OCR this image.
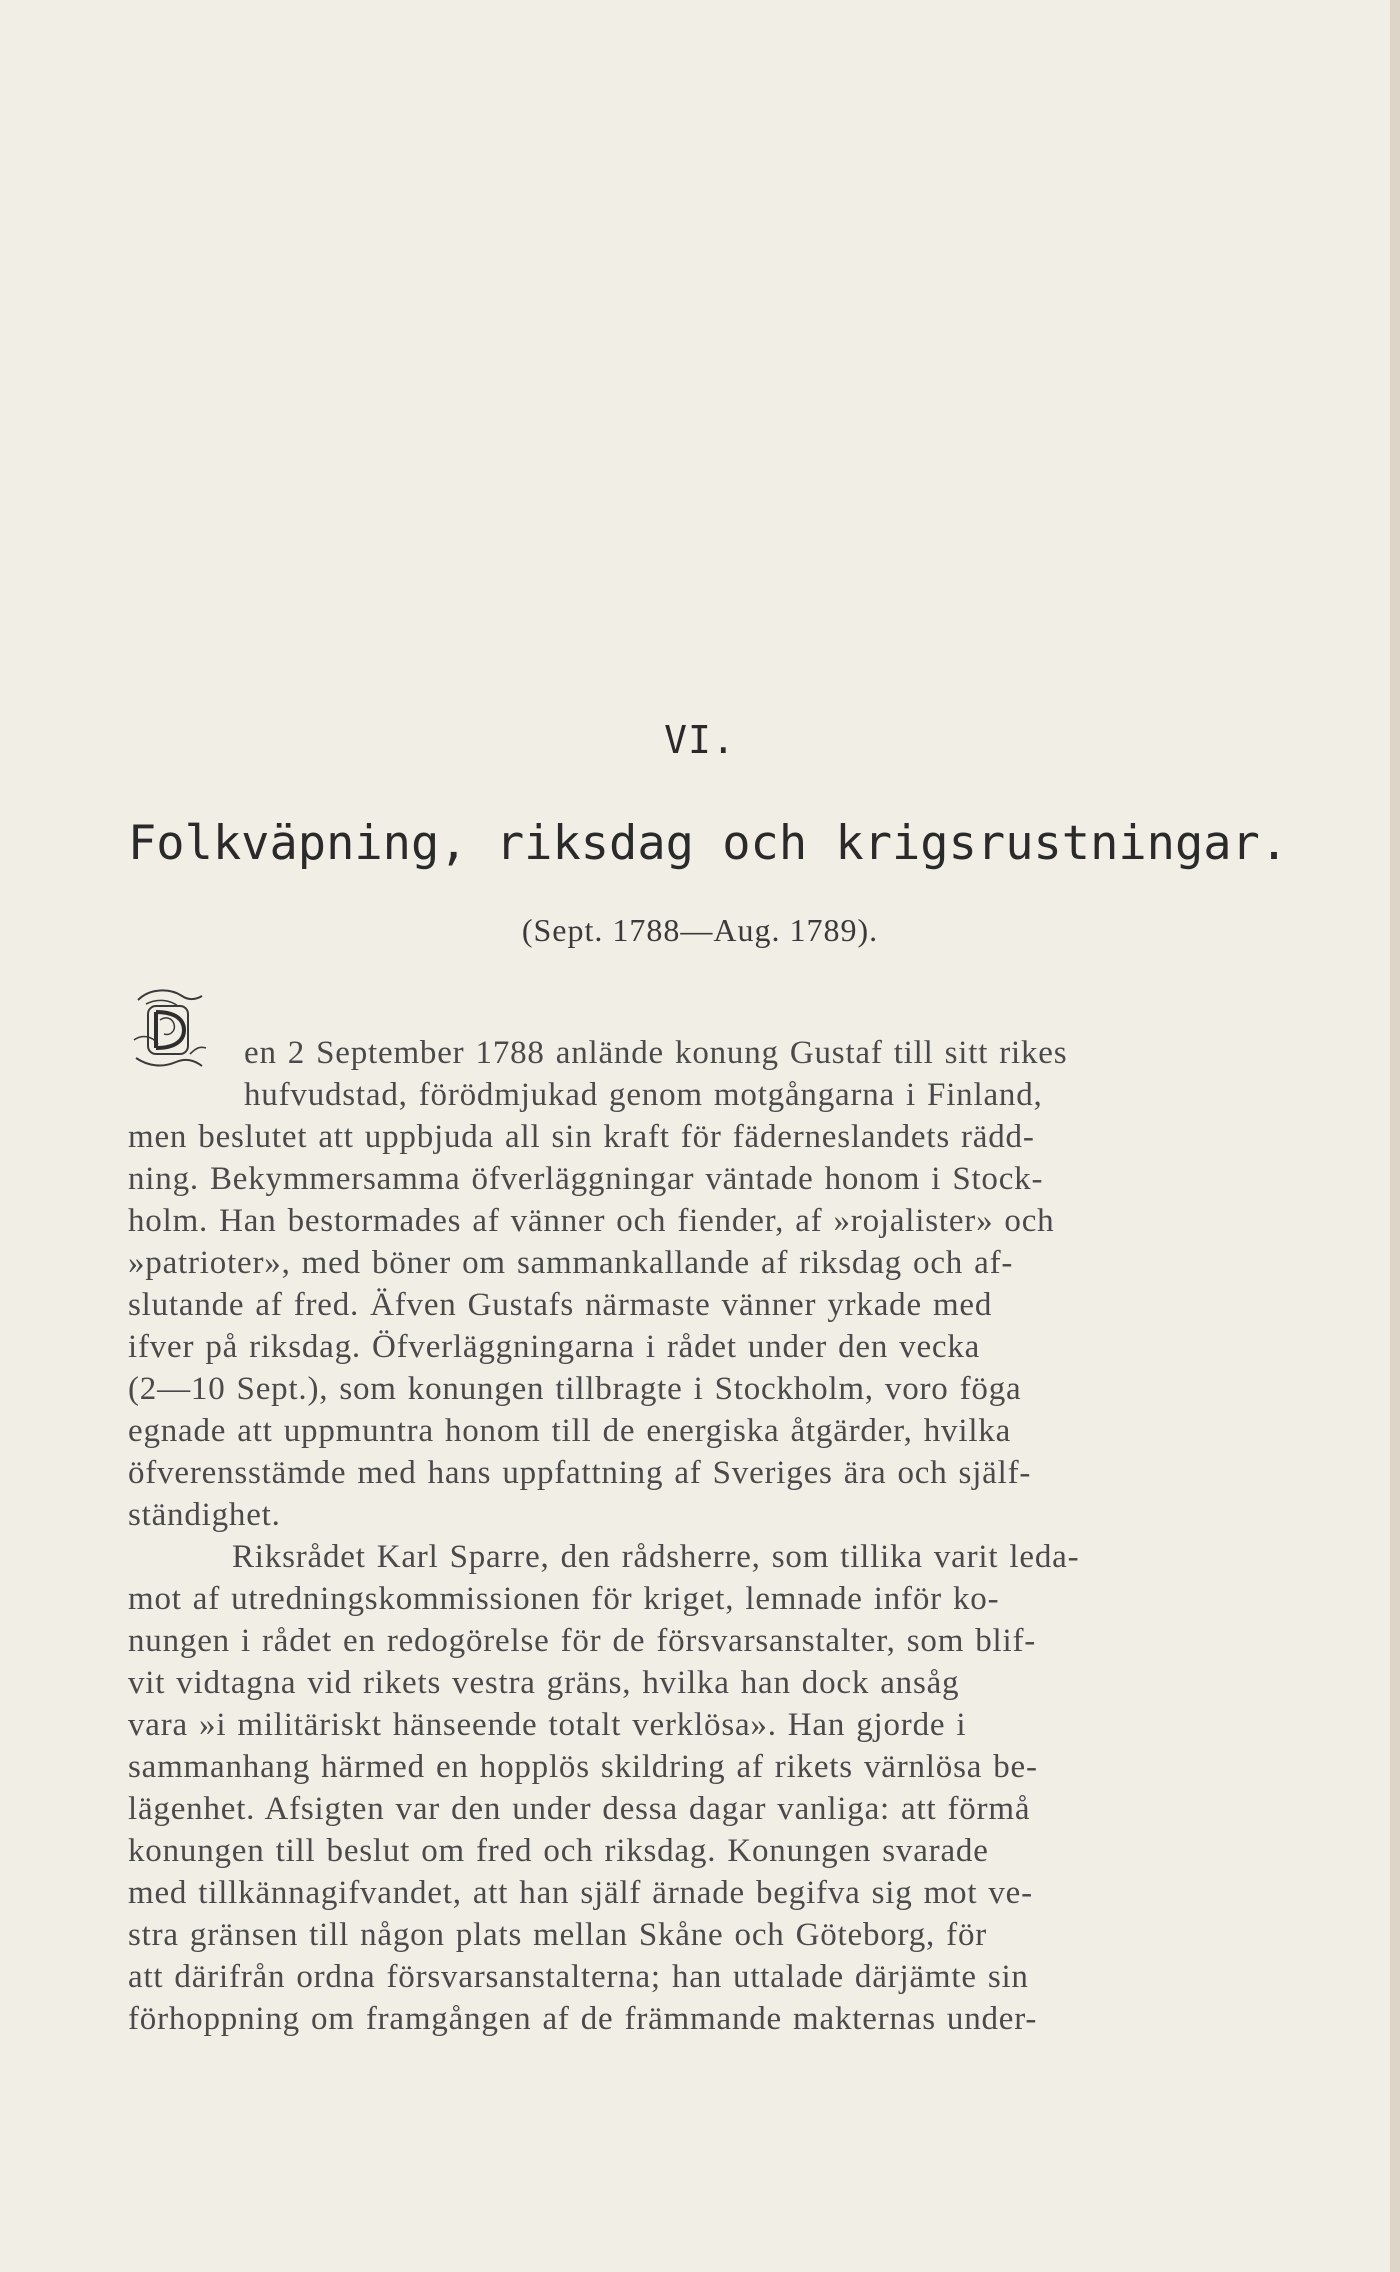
VI.
Folkväpning, riksdag och krigsrustningar.
(Sept. 1788—Aug. 1789).
en 2 September 1788 anlände konung Gustaf till sitt rikes
hufvudstad, förödmjukad genom motgångarna i Finland,
men beslutet att uppbjuda all sin kraft för fäderneslandets rädd-
ning. Bekymmersamma öfverläggningar väntade honom i Stock-
holm. Han bestormades af vänner och fiender, af »rojalister» och
»patrioter», med böner om sammankallande af riksdag och af-
slutande af fred. Äfven Gustafs närmaste vänner yrkade med
ifver på riksdag. Öfverläggningarna i rådet under den vecka
(2—10 Sept.), som konungen tillbragte i Stockholm, voro föga
egnade att uppmuntra honom till de energiska åtgärder, hvilka
öfverensstämde med hans uppfattning af Sveriges ära och själf-
ständighet.
Riksrådet Karl Sparre, den rådsherre, som tillika varit leda-
mot af utredningskommissionen för kriget, lemnade inför ko-
nungen i rådet en redogörelse för de försvarsanstalter, som blif-
vit vidtagna vid rikets vestra gräns, hvilka han dock ansåg
vara »i militäriskt hänseende totalt verklösa». Han gjorde i
sammanhang härmed en hopplös skildring af rikets värnlösa be-
lägenhet. Afsigten var den under dessa dagar vanliga: att förmå
konungen till beslut om fred och riksdag. Konungen svarade
med tillkännagifvandet, att han själf ärnade begifva sig mot ve-
stra gränsen till någon plats mellan Skåne och Göteborg, för
att därifrån ordna försvarsanstalterna; han uttalade därjämte sin
förhoppning om framgången af de främmande makternas under-
